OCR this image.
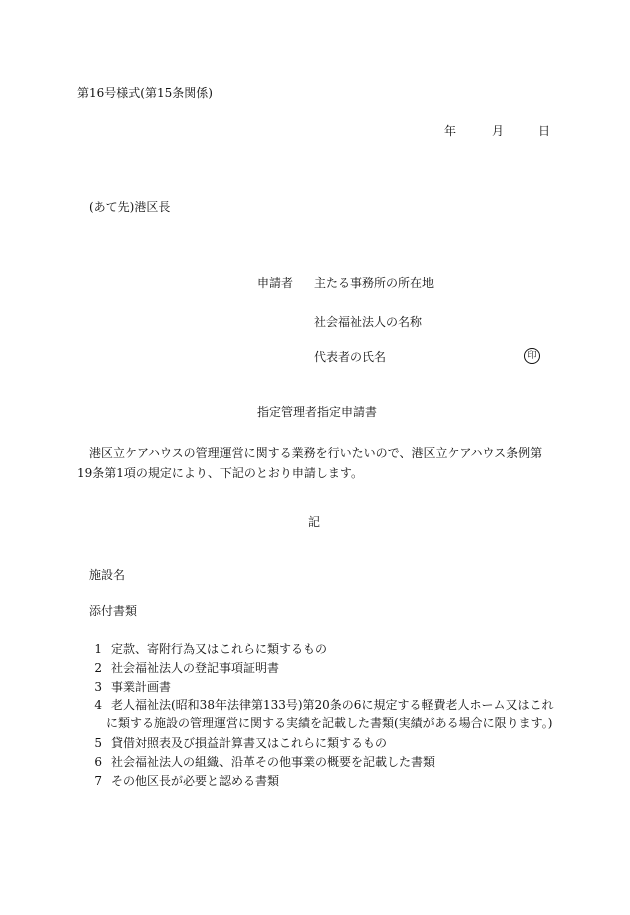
第16号様式(第15条関係)
年	月	日
(あて先)港区長
申請者 主たる事務所の所在地
社会福祉法人の名称
代表者の氏名	印
指定管理者指定申請書
港区立ケアハウスの管理運営に関する業務を行いたいので、港区立ケアハウス条例第19条第1項の規定により、下記のとおり申請します。
記
施設名
添付書類
1 定款、寄附行為又はこれらに類するもの
2 社会福祉法人の登記事項証明書
3 事業計画書
4 老人福祉法(昭和38年法律第133号)第20条の6に規定する軽費老人ホーム又はこれ
に類する施設の管理運営に関する実績を記載した書類(実績がある場合に限ります。)
5 貸借対照表及び損益計算書又はこれらに類するもの
6 社会福祉法人の組織、沿革その他事業の概要を記載した書類
7 その他区長が必要と認める書類
